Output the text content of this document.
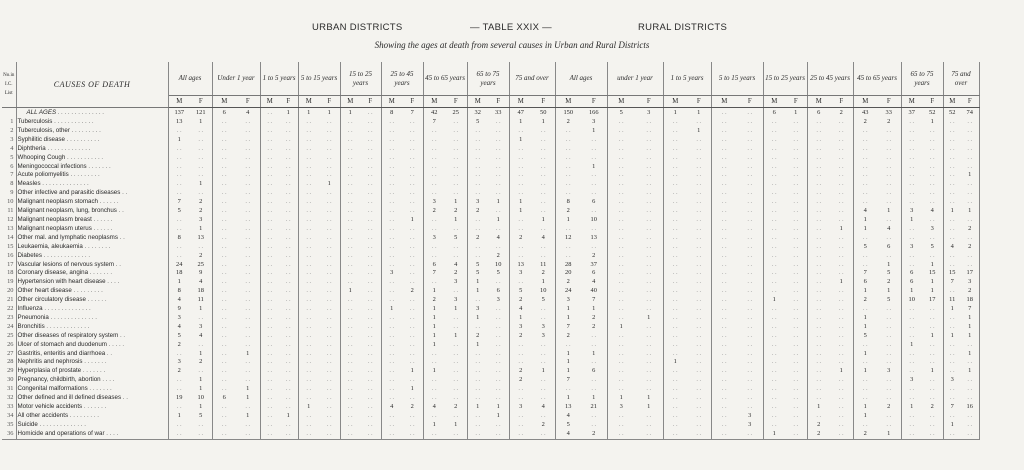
URBAN DISTRICTS	— TABLE XXIX —	RURAL DISTRICTS
Showing the ages at death from several causes in Urban and Rural Districts
No.in I.C. List	CAUSES OF DEATH	All ages		Under 1 year		1 to 5 years		5 to 15 years		15 to 25 years		25 to 45 years		45 to 65 years		65 to 75 years		75 and over		All ages		under 1 year		1 to 5 years		5 to 15 years		15 to 25 years		25 to 45 years		45 to 65 years		65 to 75 years		75 and over	
		M	F	M	F	M	F	M	F	M	F	M	F	M	F	M	F	M	F	M	F	M	F	M	F	M	F	M	F	M	F	M	F	M	F	M	F
	ALL AGES . . . . . . . . . . . . . .	137	121	6	4	. .	1	1	1	1	. .	8	7	42	25	32	33	47	50	150	166	5	3	1	1	. .	. .	6	1	6	2	43	33	37	52	52	74
1	Tuberculosis . . . . . . . . . . . .	13	1	. .	. .	. .	. .	. .	. .	. .	. .	. .	. .	7	. .	5	. .	1	1	2	3	. .	. .	. .	. .	. .	. .	. .	. .	. .	. .	2	2	. .	1	. .	. .
2	Tuberculosis, other . . . . . . . . .	. .	. .	. .	. .	. .	. .	. .	. .	. .	. .	. .	. .	. .	. .	. .	. .	. .	. .	. .	1	. .	. .	. .	1	. .	. .	. .	. .	. .	. .	. .	. .	. .	. .	. .	. .
3	Syphilitic disease . . . . . . . . . .	1	. .	. .	. .	. .	. .	. .	. .	. .	. .	. .	. .	. .	. .	. .	. .	1	. .	. .	. .	. .	. .	. .	. .	. .	. .	. .	. .	. .	. .	. .	. .	. .	. .	. .	. .
4	Diphtheria . . . . . . . . . . . . .	. .	. .	. .	. .	. .	. .	. .	. .	. .	. .	. .	. .	. .	. .	. .	. .	. .	. .	. .	. .	. .	. .	. .	. .	. .	. .	. .	. .	. .	. .	. .	. .	. .	. .	. .	. .
5	Whooping Cough . . . . . . . . . . .	. .	. .	. .	. .	. .	. .	. .	. .	. .	. .	. .	. .	. .	. .	. .	. .	. .	. .	. .	. .	. .	. .	. .	. .	. .	. .	. .	. .	. .	. .	. .	. .	. .	. .	. .	. .
6	Meningococcal infections . . . . . . .	. .	. .	. .	. .	. .	. .	. .	. .	. .	. .	. .	. .	. .	. .	. .	. .	. .	. .	. .	1	. .	. .	. .	. .	. .	. .	. .	. .	. .	. .	. .	. .	. .	. .	. .	. .
7	Acute poliomyelitis . . . . . . . . .	. .	. .	. .	. .	. .	. .	. .	. .	. .	. .	. .	. .	. .	. .	. .	. .	. .	. .	. .	. .	. .	. .	. .	. .	. .	. .	. .	. .	. .	. .	. .	. .	. .	. .	. .	1
8	Measles . . . . . . . . . . . . . .	. .	1	. .	. .	. .	. .	. .	1	. .	. .	. .	. .	. .	. .	. .	. .	. .	. .	. .	. .	. .	. .	. .	. .	. .	. .	. .	. .	. .	. .	. .	. .	. .	. .	. .	. .
9	Other infective and parasitic diseases . .	. .	. .	. .	. .	. .	. .	. .	. .	. .	. .	. .	. .	. .	. .	. .	. .	. .	. .	. .	. .	. .	. .	. .	. .	. .	. .	. .	. .	. .	. .	. .	. .	. .	. .	. .	. .
10	Malignant neoplasm stomach . . . . . .	7	2	. .	. .	. .	. .	. .	. .	. .	. .	. .	. .	3	1	3	1	1	. .	8	6	. .	. .	. .	. .	. .	. .	. .	. .	. .	. .	. .	. .	. .	. .	. .	. .
11	Malignant neoplasm, lung, bronchus . .	5	2	. .	. .	. .	. .	. .	. .	. .	. .	. .	. .	2	2	2	. .	1	. .	2	. .	. .	. .	. .	. .	. .	. .	. .	. .	. .	. .	4	1	3	4	1	1
12	Malignant neoplasm breast . . . . . .	. .	3	. .	. .	. .	. .	. .	. .	. .	. .	. .	1	. .	1	. .	1	. .	1	1	10	. .	. .	. .	. .	. .	. .	. .	. .	. .	. .	1	. .	1	. .	. .	. .
13	Malignant neoplasm uterus . . . . . .	. .	1	. .	. .	. .	. .	. .	. .	. .	. .	. .	. .	. .	. .	. .	. .	. .	. .	. .	. .	. .	. .	. .	. .	. .	. .	. .	. .	. .	1	1	4	. .	3	. .	2
14	Other mal. and lymphatic neoplasms . .	8	13	. .	. .	. .	. .	. .	. .	. .	. .	. .	. .	3	5	2	4	2	4	12	13	. .	. .	. .	. .	. .	. .	. .	. .	. .	. .	. .	. .	. .	. .	. .	. .
15	Leukaemia, aleukaemia . . . . . . . .	. .	. .	. .	. .	. .	. .	. .	. .	. .	. .	. .	. .	. .	. .	. .	. .	. .	. .	. .	. .	. .	. .	. .	. .	. .	. .	. .	. .	. .	. .	5	6	3	5	4	2
16	Diabetes . . . . . . . . . . . . . .	. .	2	. .	. .	. .	. .	. .	. .	. .	. .	. .	. .	. .	. .	. .	2	. .	. .	. .	2	. .	. .	. .	. .	. .	. .	. .	. .	. .	. .	. .	. .	. .	. .	. .	. .
17	Vascular lesions of nervous system . .	24	25	. .	. .	. .	. .	. .	. .	. .	. .	. .	. .	6	4	5	10	13	11	28	37	. .	. .	. .	. .	. .	. .	. .	. .	. .	. .	. .	1	. .	1	. .	. .
18	Coronary disease, angina . . . . . . .	18	9	. .	. .	. .	. .	. .	. .	. .	. .	3	. .	7	2	5	5	3	2	20	6	. .	. .	. .	. .	. .	. .	. .	. .	. .	. .	7	5	6	15	15	17
19	Hypertension with heart disease . . . .	1	4	. .	. .	. .	. .	. .	. .	. .	. .	. .	. .	. .	3	1	. .	. .	1	2	4	. .	. .	. .	. .	. .	. .	. .	. .	. .	1	6	2	6	1	7	3
20	Other heart disease . . . . . . . . .	8	18	. .	. .	. .	. .	. .	. .	1	. .	. .	2	1	. .	1	6	5	10	24	40	. .	. .	. .	. .	. .	. .	. .	. .	. .	. .	1	1	1	1	. .	2
21	Other circulatory disease . . . . . .	4	11	. .	. .	. .	. .	. .	. .	. .	. .	. .	. .	2	3	. .	3	2	5	3	7	. .	. .	. .	. .	. .	. .	1	. .	. .	. .	2	5	10	17	11	18
22	Influenza . . . . . . . . . . . . . .	9	1	. .	. .	. .	. .	. .	. .	. .	. .	1	. .	1	1	3	. .	4	. .	1	1	. .	. .	. .	. .	. .	. .	. .	. .	. .	. .	. .	. .	. .	. .	1	7
23	Pneumonia . . . . . . . . . . . . . .	3	. .	. .	. .	. .	. .	. .	. .	. .	. .	. .	. .	1	. .	1	. .	1	. .	1	2	. .	1	. .	. .	. .	. .	. .	. .	. .	. .	1	. .	. .	. .	. .	1
24	Bronchitis . . . . . . . . . . . . .	4	3	. .	. .	. .	. .	. .	. .	. .	. .	. .	. .	1	. .	. .	. .	3	3	7	2	1	. .	. .	. .	. .	. .	. .	. .	. .	. .	1	. .	. .	. .	. .	1
25	Other diseases of respiratory system . .	5	4	. .	. .	. .	. .	. .	. .	. .	. .	. .	. .	1	1	2	. .	2	3	2	. .	. .	. .	. .	. .	. .	. .	. .	. .	. .	. .	5	. .	. .	1	1	1
26	Ulcer of stomach and duodenum . . . . .	2	. .	. .	. .	. .	. .	. .	. .	. .	. .	. .	. .	1	. .	1	. .	. .	. .	. .	. .	. .	. .	. .	. .	. .	. .	. .	. .	. .	. .	. .	. .	1	. .	. .	. .
27	Gastritis, enteritis and diarrhoea . .	. .	1	. .	1	. .	. .	. .	. .	. .	. .	. .	. .	. .	. .	. .	. .	. .	. .	1	1	. .	. .	. .	. .	. .	. .	. .	. .	. .	. .	1	. .	. .	. .	. .	1
28	Nephritis and nephrosis . . . . . . .	3	2	. .	. .	. .	. .	. .	. .	. .	. .	. .	. .	. .	. .	. .	. .	. .	. .	1	. .	. .	. .	1	. .	. .	. .	. .	. .	. .	. .	. .	. .	. .	. .	. .	. .
29	Hyperplasia of prostate . . . . . . .	2	. .	. .	. .	. .	. .	. .	. .	. .	. .	. .	1	1	. .	. .	. .	2	1	1	6	. .	. .	. .	. .	. .	. .	. .	. .	. .	1	1	3	. .	1	. .	1
30	Pregnancy, childbirth, abortion . . . .	. .	1	. .	. .	. .	. .	. .	. .	. .	. .	. .	. .	. .	. .	. .	. .	2	. .	7	. .	. .	. .	. .	. .	. .	. .	. .	. .	. .	. .	. .	. .	3	. .	3	. .
31	Congenital malformations . . . . . . .	. .	1	. .	1	. .	. .	. .	. .	. .	. .	. .	1	. .	. .	. .	. .	. .	. .	. .	. .	. .	. .	. .	. .	. .	. .	. .	. .	. .	. .	. .	. .	. .	. .	. .	. .
32	Other defined and ill defined diseases . .	19	10	6	1	. .	. .	. .	. .	. .	. .	. .	. .	. .	. .	. .	. .	. .	. .	1	1	1	1	. .	. .	. .	. .	. .	. .	. .	. .	. .	. .	. .	. .	. .	. .
33	Motor vehicle accidents . . . . . . .	. .	1	. .	. .	. .	. .	1	. .	. .	. .	4	2	4	2	1	1	3	4	13	21	3	1	. .	. .	. .	. .	. .	. .	1	. .	1	2	1	2	7	16
34	All other accidents . . . . . . . . .	1	5	. .	1	. .	1	. .	. .	. .	. .	. .	. .	. .	. .	. .	1	. .	. .	4	. .	. .	. .	. .	. .	. .	3	. .	. .	. .	. .	1	. .	. .	. .	. .	. .
35	Suicide . . . . . . . . . . . . . .	. .	. .	. .	. .	. .	. .	. .	. .	. .	. .	. .	. .	1	1	. .	. .	. .	2	5	. .	. .	. .	. .	. .	. .	3	. .	. .	2	. .	. .	. .	. .	. .	1	. .
36	Homicide and operations of war . . . .	. .	. .	. .	. .	. .	. .	. .	. .	. .	. .	. .	. .	. .	. .	. .	. .	. .	. .	4	2	. .	. .	. .	. .	. .	. .	1	. .	2	. .	2	1	. .	. .	. .	. .
